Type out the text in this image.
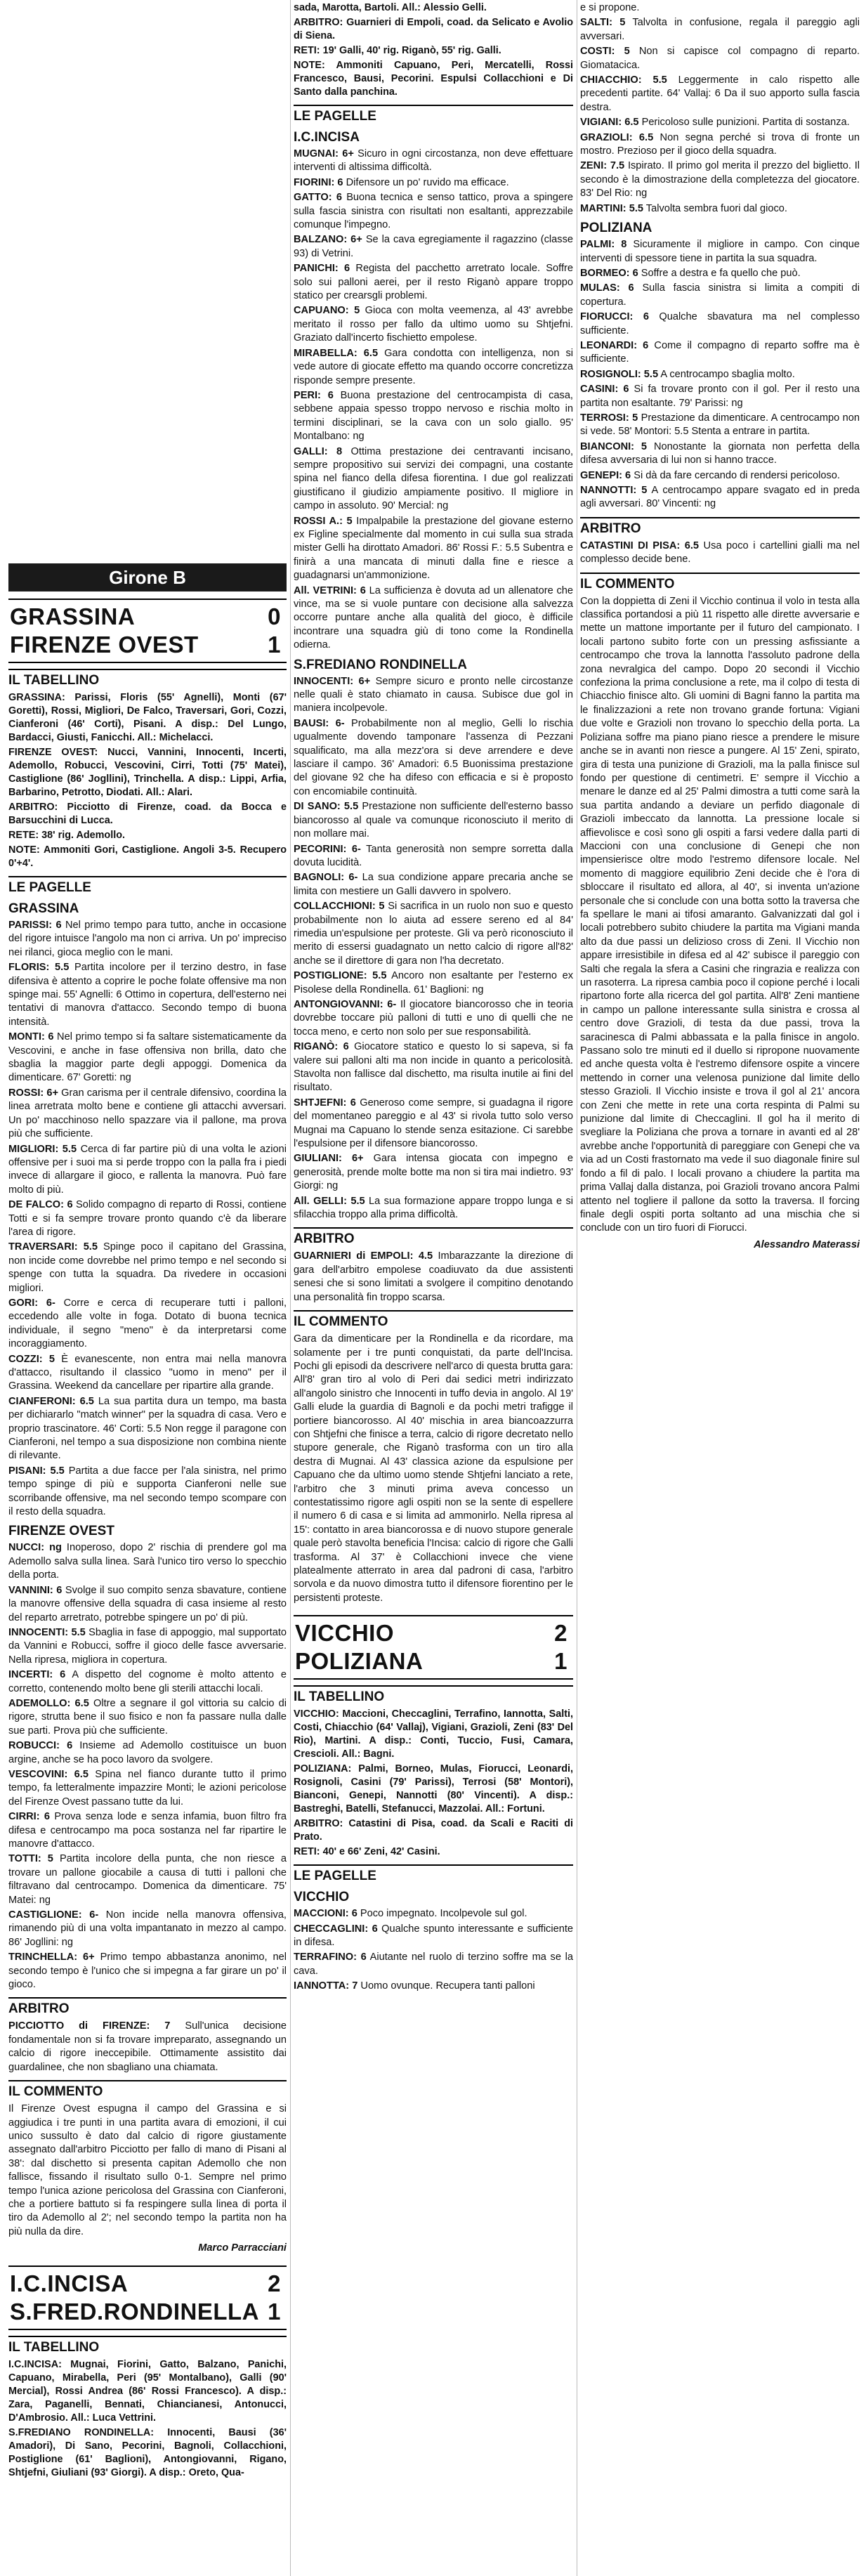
Girone B
GRASSINA	0
FIRENZE OVEST	1
IL TABELLINO

GRASSINA: Parissi, Floris (55' Agnelli), Monti (67' Goretti), Rossi, Migliori, De Falco, Traversari, Gori, Cozzi, Cianferoni (46' Corti), Pisani. A disp.: Del Lungo, Bardacci, Giusti, Fanicchi. All.: Michelacci.

FIRENZE OVEST: Nucci, Vannini, Innocenti, Incerti, Ademollo, Robucci, Vescovini, Cirri, Totti (75' Matei), Castiglione (86' Jogllini), Trinchella. A disp.: Lippi, Arfia, Barbarino, Petrotto, Diodati. All.: Alari.

ARBITRO: Picciotto di Firenze, coad. da Bocca e Barsucchini di Lucca.

RETE: 38' rig. Ademollo.

NOTE: Ammoniti Gori, Castiglione. Angoli 3-5. Recupero 0'+4'.

LE PAGELLE
GRASSINA

PARISSI: 6 Nel primo tempo para tutto, anche in occasione del rigore intuisce l'angolo ma non ci arriva. Un po' impreciso nei rilanci, gioca meglio con le mani.

FLORIS: 5.5 Partita incolore per il terzino destro, in fase difensiva è attento a coprire le poche folate offensive ma non spinge mai. 55' Agnelli: 6 Ottimo in copertura, dell'esterno nei tentativi di manovra d'attacco. Secondo tempo di buona intensità.

MONTI: 6 Nel primo tempo si fa saltare sistematicamente da Vescovini, e anche in fase offensiva non brilla, dato che sbaglia la maggior parte degli appoggi. Domenica da dimenticare. 67' Goretti: ng

ROSSI: 6+ Gran carisma per il centrale difensivo, coordina la linea arretrata molto bene e contiene gli attacchi avversari. Un po' macchinoso nello spazzare via il pallone, ma prova più che sufficiente.

MIGLIORI: 5.5 Cerca di far partire più di una volta le azioni offensive per i suoi ma si perde troppo con la palla fra i piedi invece di allargare il gioco, e rallenta la manovra. Può fare molto di più.

DE FALCO: 6 Solido compagno di reparto di Rossi, contiene Totti e si fa sempre trovare pronto quando c'è da liberare l'area di rigore.

TRAVERSARI: 5.5 Spinge poco il capitano del Grassina, non incide come dovrebbe nel primo tempo e nel secondo si spenge con tutta la squadra. Da rivedere in occasioni migliori.

GORI: 6- Corre e cerca di recuperare tutti i palloni, eccedendo alle volte in foga. Dotato di buona tecnica individuale, il segno "meno" è da interpretarsi come incoraggiamento.

COZZI: 5 È evanescente, non entra mai nella manovra d'attacco, risultando il classico "uomo in meno" per il Grassina. Weekend da cancellare per ripartire alla grande.

CIANFERONI: 6.5 La sua partita dura un tempo, ma basta per dichiararlo "match winner" per la squadra di casa. Vero e proprio trascinatore. 46' Corti: 5.5 Non regge il paragone con Cianferoni, nel tempo a sua disposizione non combina niente di rilevante.

PISANI: 5.5 Partita a due facce per l'ala sinistra, nel primo tempo spinge di più e supporta Cianferoni nelle sue scorribande offensive, ma nel secondo tempo scompare con il resto della squadra.

FIRENZE OVEST

NUCCI: ng Inoperoso, dopo 2' rischia di prendere gol ma Ademollo salva sulla linea. Sarà l'unico tiro verso lo specchio della porta.

VANNINI: 6 Svolge il suo compito senza sbavature, contiene la manovre offensive della squadra di casa insieme al resto del reparto arretrato, potrebbe spingere un po' di più.

INNOCENTI: 5.5 Sbaglia in fase di appoggio, mal supportato da Vannini e Robucci, soffre il gioco delle fasce avversarie. Nella ripresa, migliora in copertura.

INCERTI: 6 A dispetto del cognome è molto attento e corretto, contenendo molto bene gli sterili attacchi locali.

ADEMOLLO: 6.5 Oltre a segnare il gol vittoria su calcio di rigore, strutta bene il suo fisico e non fa passare nulla dalle sue parti. Prova più che sufficiente.

ROBUCCI: 6 Insieme ad Ademollo costituisce un buon argine, anche se ha poco lavoro da svolgere.

VESCOVINI: 6.5 Spina nel fianco durante tutto il primo tempo, fa letteralmente impazzire Monti; le azioni pericolose del Firenze Ovest passano tutte da lui.

CIRRI: 6 Prova senza lode e senza infamia, buon filtro fra difesa e centrocampo ma poca sostanza nel far ripartire le manovre d'attacco.

TOTTI: 5 Partita incolore della punta, che non riesce a trovare un pallone giocabile a causa di tutti i palloni che filtravano dal centrocampo. Domenica da dimenticare. 75' Matei: ng

CASTIGLIONE: 6- Non incide nella manovra offensiva, rimanendo più di una volta impantanato in mezzo al campo. 86' Jogllini: ng

TRINCHELLA: 6+ Primo tempo abbastanza anonimo, nel secondo tempo è l'unico che si impegna a far girare un po' il gioco.

ARBITRO

PICCIOTTO di FIRENZE: 7 Sull'unica decisione fondamentale non si fa trovare impreparato, assegnando un calcio di rigore ineccepibile. Ottimamente assistito dai guardalinee, che non sbagliano una chiamata.

IL COMMENTO

Il Firenze Ovest espugna il campo del Grassina e si aggiudica i tre punti in una partita avara di emozioni, il cui unico sussulto è dato dal calcio di rigore giustamente assegnato dall'arbitro Picciotto per fallo di mano di Pisani al 38': dal dischetto si presenta capitan Ademollo che non fallisce, fissando il risultato sullo 0-1. Sempre nel primo tempo l'unica azione pericolosa del Grassina con Cianferoni, che a portiere battuto si fa respingere sulla linea di porta il tiro da Ademollo al 2'; nel secondo tempo la partita non ha più nulla da dire.

Marco Parracciani
I.C.INCISA	2
S.FRED.RONDINELLA 1
IL TABELLINO

I.C.INCISA: Mugnai, Fiorini, Gatto, Balzano, Panichi, Capuano, Mirabella, Peri (95' Montalbano), Galli (90' Mercial), Rossi Andrea (86' Rossi Francesco). A disp.: Zara, Paganelli, Bennati, Chiancianesi, Antonucci, D'Ambrosio. All.: Luca Vettrini.

S.FREDIANO RONDINELLA: Innocenti, Bausi (36' Amadori), Di Sano, Pecorini, Bagnoli, Collacchioni, Postiglione (61' Baglioni), Antongiovanni, Rigano, Shtjefni, Giuliani (93' Giorgi). A disp.: Oreto, Qua-

sada, Marotta, Bartoli. All.: Alessio Gelli.

ARBITRO: Guarnieri di Empoli, coad. da Selicato e Avolio di Siena.

RETI: 19' Galli, 40' rig. Riganò, 55' rig. Galli.

NOTE: Ammoniti Capuano, Peri, Mercatelli, Rossi Francesco, Bausi, Pecorini. Espulsi Collacchioni e Di Santo dalla panchina.

LE PAGELLE
I.C.INCISA

MUGNAI: 6+ Sicuro in ogni circostanza, non deve effettuare interventi di altissima difficoltà.

FIORINI: 6 Difensore un po' ruvido ma efficace.

GATTO: 6 Buona tecnica e senso tattico, prova a spingere sulla fascia sinistra con risultati non esaltanti, apprezzabile comunque l'impegno.

BALZANO: 6+ Se la cava egregiamente il ragazzino (classe 93) di Vetrini.

PANICHI: 6 Regista del pacchetto arretrato locale. Soffre solo sui palloni aerei, per il resto Riganò appare troppo statico per crearsgli problemi.

CAPUANO: 5 Gioca con molta veemenza, al 43' avrebbe meritato il rosso per fallo da ultimo uomo su Shtjefni. Graziato dall'incerto fischietto empolese.

MIRABELLA: 6.5 Gara condotta con intelligenza, non si vede autore di giocate effetto ma quando occorre concretizza risponde sempre presente.

PERI: 6 Buona prestazione del centrocampista di casa, sebbene appaia spesso troppo nervoso e rischia molto in termini disciplinari, se la cava con un solo giallo. 95' Montalbano: ng

GALLI: 8 Ottima prestazione dei centravanti incisano, sempre propositivo sui servizi dei compagni, una costante spina nel fianco della difesa fiorentina. I due gol realizzati giustificano il giudizio ampiamente positivo. Il migliore in campo in assoluto. 90' Mercial: ng

ROSSI A.: 5 Impalpabile la prestazione del giovane esterno ex Figline specialmente dal momento in cui sulla sua strada mister Gelli ha dirottato Amadori. 86' Rossi F.: 5.5 Subentra e finirà a una mancata di minuti dalla fine e riesce a guadagnarsi un'ammonizione.

All. VETRINI: 6 La sufficienza è dovuta ad un allenatore che vince, ma se si vuole puntare con decisione alla salvezza occorre puntare anche alla qualità del gioco, è difficile incontrare una squadra giù di tono come la Rondinella odierna.

S.FREDIANO RONDINELLA

INNOCENTI: 6+ Sempre sicuro e pronto nelle circostanze nelle quali è stato chiamato in causa. Subisce due gol in maniera incolpevole.

BAUSI: 6- Probabilmente non al meglio, Gelli lo rischia ugualmente dovendo tamponare l'assenza di Pezzani squalificato, ma alla mezz'ora si deve arrendere e deve lasciare il campo. 36' Amadori: 6.5 Buonissima prestazione del giovane 92 che ha difeso con efficacia e si è proposto con encomiabile continuità.

DI SANO: 5.5 Prestazione non sufficiente dell'esterno basso biancorosso al quale va comunque riconosciuto il merito di non mollare mai.

PECORINI: 6- Tanta generosità non sempre sorretta dalla dovuta lucidità.

BAGNOLI: 6- La sua condizione appare precaria anche se limita con mestiere un Galli davvero in spolvero.

COLLACCHIONI: 5 Si sacrifica in un ruolo non suo e questo probabilmente non lo aiuta ad essere sereno ed al 84' rimedia un'espulsione per proteste. Gli va però riconosciuto il merito di essersi guadagnato un netto calcio di rigore all'82' anche se il direttore di gara non l'ha decretato.

POSTIGLIONE: 5.5 Ancoro non esaltante per l'esterno ex Pisolese della Rondinella. 61' Baglioni: ng

ANTONGIOVANNI: 6- Il giocatore biancorosso che in teoria dovrebbe toccare più palloni di tutti e uno di quelli che ne tocca meno, e certo non solo per sue responsabilità.

RIGANÒ: 6 Giocatore statico e questo lo si sapeva, si fa valere sui palloni alti ma non incide in quanto a pericolosità. Stavolta non fallisce dal dischetto, ma risulta inutile ai fini del risultato.

SHTJEFNI: 6 Generoso come sempre, si guadagna il rigore del momentaneo pareggio e al 43' si rivola tutto solo verso Mugnai ma Capuano lo stende senza esitazione. Ci sarebbe l'espulsione per il difensore biancorosso.

GIULIANI: 6+ Gara intensa giocata con impegno e generosità, prende molte botte ma non si tira mai indietro. 93' Giorgi: ng

All. GELLI: 5.5 La sua formazione appare troppo lunga e si sfilacchia troppo alla prima difficoltà.

ARBITRO

GUARNIERI di EMPOLI: 4.5 Imbarazzante la direzione di gara dell'arbitro empolese coadiuvato da due assistenti senesi che si sono limitati a svolgere il compitino denotando una personalità fin troppo scarsa.

IL COMMENTO

Gara da dimenticare per la Rondinella e da ricordare, ma solamente per i tre punti conquistati, da parte dell'Incisa. Pochi gli episodi da descrivere nell'arco di questa brutta gara: All'8' gran tiro al volo di Peri dai sedici metri indirizzato all'angolo sinistro che Innocenti in tuffo devia in angolo. Al 19' Galli elude la guardia di Bagnoli e da pochi metri trafigge il portiere biancorosso. Al 40' mischia in area biancoazzurra con Shtjefni che finisce a terra, calcio di rigore decretato nello stupore generale, che Riganò trasforma con un tiro alla destra di Mugnai. Al 43' classica azione da espulsione per Capuano che da ultimo uomo stende Shtjefni lanciato a rete, l'arbitro che 3 minuti prima aveva concesso un contestatissimo rigore agli ospiti non se la sente di espellere il numero 6 di casa e si limita ad ammonirlo. Nella ripresa al 15': contatto in area biancorossa e di nuovo stupore generale quale però stavolta beneficia l'Incisa: calcio di rigore che Galli trasforma. Al 37' è Collacchioni invece che viene platealmente atterrato in area dal padroni di casa, l'arbitro sorvola e da nuovo dimostra tutto il difensore fiorentino per le persistenti proteste.

VICCHIO	2
POLIZIANA	1
IL TABELLINO

VICCHIO: Maccioni, Checcaglini, Terrafino, Iannotta, Salti, Costi, Chiacchio (64' Vallaj), Vigiani, Grazioli, Zeni (83' Del Rio), Martini. A disp.: Conti, Tuccio, Fusi, Camara, Crescioli. All.: Bagni.

POLIZIANA: Palmi, Borneo, Mulas, Fiorucci, Leonardi, Rosignoli, Casini (79' Parissi), Terrosi (58' Montori), Bianconi, Genepi, Nannotti (80' Vincenti). A disp.: Bastreghi, Batelli, Stefanucci, Mazzolai. All.: Fortuni.

ARBITRO: Catastini di Pisa, coad. da Scali e Raciti di Prato.

RETI: 40' e 66' Zeni, 42' Casini.

LE PAGELLE
VICCHIO

MACCIONI: 6 Poco impegnato. Incolpevole sul gol.

CHECCAGLINI: 6 Qualche spunto interessante e sufficiente in difesa.

TERRAFINO: 6 Aiutante nel ruolo di terzino soffre ma se la cava.

IANNOTTA: 7 Uomo ovunque. Recupera tanti palloni

e si propone.

SALTI: 5 Talvolta in confusione, regala il pareggio agli avversari.

COSTI: 5 Non si capisce col compagno di reparto. Giomatacica.

CHIACCHIO: 5.5 Leggermente in calo rispetto alle precedenti partite. 64' Vallaj: 6 Da il suo apporto sulla fascia destra.

VIGIANI: 6.5 Pericoloso sulle punizioni. Partita di sostanza.

GRAZIOLI: 6.5 Non segna perché si trova di fronte un mostro. Prezioso per il gioco della squadra.

ZENI: 7.5 Ispirato. Il primo gol merita il prezzo del biglietto. Il secondo è la dimostrazione della completezza del giocatore. 83' Del Rio: ng

MARTINI: 5.5 Talvolta sembra fuori dal gioco.

POLIZIANA

PALMI: 8 Sicuramente il migliore in campo. Con cinque interventi di spessore tiene in partita la sua squadra.

BORMEO: 6 Soffre a destra e fa quello che può.

MULAS: 6 Sulla fascia sinistra si limita a compiti di copertura.

FIORUCCI: 6 Qualche sbavatura ma nel complesso sufficiente.

LEONARDI: 6 Come il compagno di reparto soffre ma è sufficiente.

ROSIGNOLI: 5.5 A centrocampo sbaglia molto.

CASINI: 6 Si fa trovare pronto con il gol. Per il resto una partita non esaltante. 79' Parissi: ng

TERROSI: 5 Prestazione da dimenticare. A centrocampo non si vede. 58' Montori: 5.5 Stenta a entrare in partita.

BIANCONI: 5 Nonostante la giornata non perfetta della difesa avversaria di lui non si hanno tracce.

GENEPI: 6 Si dà da fare cercando di rendersi pericoloso.

NANNOTTI: 5 A centrocampo appare svagato ed in preda agli avversari. 80' Vincenti: ng

ARBITRO

CATASTINI DI PISA: 6.5 Usa poco i cartellini gialli ma nel complesso decide bene.

IL COMMENTO

Con la doppietta di Zeni il Vicchio continua il volo in testa alla classifica portandosi a più 11 rispetto alle dirette avversarie e mette un mattone importante per il futuro del campionato. I locali partono subito forte con un pressing asfissiante a centrocampo che trova la lannotta l'assoluto padrone della zona nevralgica del campo. Dopo 20 secondi il Vicchio confeziona la prima conclusione a rete, ma il colpo di testa di Chiacchio finisce alto. Gli uomini di Bagni fanno la partita ma le finalizzazioni a rete non trovano grande fortuna: Vigiani due volte e Grazioli non trovano lo specchio della porta. La Poliziana soffre ma piano piano riesce a prendere le misure anche se in avanti non riesce a pungere. Al 15' Zeni, spirato, gira di testa una punizione di Grazioli, ma la palla finisce sul fondo per questione di centimetri. E' sempre il Vicchio a menare le danze ed al 25' Palmi dimostra a tutti come sarà la sua partita andando a deviare un perfido diagonale di Grazioli imbeccato da lannotta. La pressione locale si affievolisce e così sono gli ospiti a farsi vedere dalla parti di Maccioni con una conclusione di Genepi che non impensierisce oltre modo l'estremo difensore locale. Nel momento di maggiore equilibrio Zeni decide che è l'ora di sbloccare il risultato ed allora, al 40', si inventa un'azione personale che si conclude con una botta sotto la traversa che fa spellare le mani ai tifosi amaranto. Galvanizzati dal gol i locali potrebbero subito chiudere la partita ma Vigiani manda alto da due passi un delizioso cross di Zeni. Il Vicchio non appare irresistibile in difesa ed al 42' subisce il pareggio con Salti che regala la sfera a Casini che ringrazia e realizza con un rasoterra. La ripresa cambia poco il copione perché i locali ripartono forte alla ricerca del gol partita. All'8' Zeni mantiene in campo un pallone interessante sulla sinistra e crossa al centro dove Grazioli, di testa da due passi, trova la saracinesca di Palmi abbassata e la palla finisce in angolo. Passano solo tre minuti ed il duello si ripropone nuovamente ed anche questa volta è l'estremo difensore ospite a vincere mettendo in corner una velenosa punizione dal limite dello stesso Grazioli. Il Vicchio insiste e trova il gol al 21' ancora con Zeni che mette in rete una corta respinta di Palmi su punizione dal limite di Checcaglini. Il gol ha il merito di svegliare la Poliziana che prova a tornare in avanti ed al 28' avrebbe anche l'opportunità di pareggiare con Genepi che va via ad un Costi frastornato ma vede il suo diagonale finire sul fondo a fil di palo. I locali provano a chiudere la partita ma prima Vallaj dalla distanza, poi Grazioli trovano ancora Palmi attento nel togliere il pallone da sotto la traversa. Il forcing finale degli ospiti porta soltanto ad una mischia che si conclude con un tiro fuori di Fiorucci.

Alessandro Materassi
